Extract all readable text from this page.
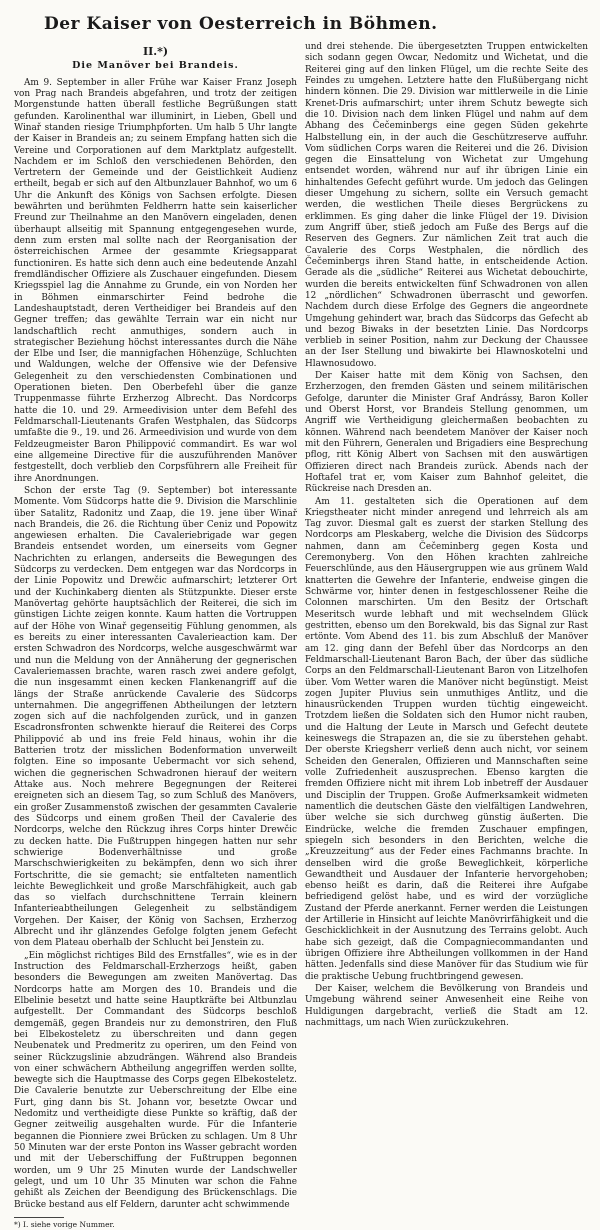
Der Kaiser von Oesterreich in Böhmen.
II.*)
Die Manöver bei Brandeis.

Am 9. September in aller Frühe war Kaiser Franz Joseph von Prag nach Brandeis abgefahren, und trotz der zeitigen Morgenstunde hatten überall festliche Begrüßungen statt gefunden. Karolinenthal war illuminirt, in Lieben, Gbell und Winař standen riesige Triumphpforten. Um halb 5 Uhr langte der Kaiser in Brandeis an; zu seinem Empfang hatten sich die Vereine und Corporationen auf dem Marktplatz aufgestellt. Nachdem er im Schloß den verschiedenen Behörden, den Vertretern der Gemeinde und der Geistlichkeit Audienz ertheilt, begab er sich auf den Altbunzlauer Bahnhof, wo um 6 Uhr die Ankunft des Königs von Sachsen erfolgte. Diesen bewährten und berühmten Feldherrn hatte sein kaiserlicher Freund zur Theilnahme an den Manövern eingeladen, denen überhaupt allseitig mit Spannung entgegengesehen wurde, denn zum ersten mal sollte nach der Reorganisation der österreichischen Armee der gesammte Kriegsapparat functioniren. Es hatte sich denn auch eine bedeutende Anzahl fremdländischer Offiziere als Zuschauer eingefunden. Diesem Kriegsspiel lag die Annahme zu Grunde, ein von Norden her in Böhmen einmarschirter Feind bedrohe die Landeshauptstadt, deren Vertheidiger bei Brandeis auf den Gegner treffen; das gewählte Terrain war ein nicht nur landschaftlich recht anmuthiges, sondern auch in strategischer Beziehung höchst interessantes durch die Nähe der Elbe und Iser, die mannigfachen Höhenzüge, Schluchten und Waldungen, welche der Offensive wie der Defensive Gelegenheit zu den verschiedensten Combinationen und Operationen bieten. Den Oberbefehl über die ganze Truppenmasse führte Erzherzog Albrecht. Das Nordcorps hatte die 10. und 29. Armeedivision unter dem Befehl des Feldmarschall-Lieutenants Grafen Westphalen, das Südcorps umfaßte die 9., 19. und 26. Armeedivision und wurde von dem Feldzeugmeister Baron Philippović commandirt. Es war wol eine allgemeine Directive für die auszuführenden Manöver festgestellt, doch verblieb den Corpsführern alle Freiheit für ihre Anordnungen.

Schon der erste Tag (9. September) bot interessante Momente. Vom Südcorps hatte die 9. Division die Marschlinie über Satalitz, Radonitz und Zaap, die 19. jene über Winař nach Brandeis, die 26. die Richtung über Ceniz und Popowitz angewiesen erhalten. Die Cavaleriebrigade war gegen Brandeis entsendet worden, um einerseits vom Gegner Nachrichten zu erlangen, anderseits die Bewegungen des Südcorps zu verdecken. Dem entgegen war das Nordcorps in der Linie Popowitz und Drewčic aufmarschirt; letzterer Ort und der Kuchinkaberg dienten als Stützpunkte. Dieser erste Manövertag gehörte hauptsächlich der Reiterei, die sich im günstigen Lichte zeigen konnte. Kaum hatten die Vortruppen auf der Höhe von Winař gegenseitig Fühlung genommen, als es bereits zu einer interessanten Cavalerieaction kam. Der ersten Schwadron des Nordcorps, welche ausgeschwärmt war und nun die Meldung von der Annäherung der gegnerischen Cavaleriemassen brachte, waren rasch zwei andere gefolgt, die nun insgesammt einen kecken Flankenangriff auf die längs der Straße anrückende Cavalerie des Südcorps unternahmen. Die angegriffenen Abtheilungen der letztern zogen sich auf die nachfolgenden zurück, und in ganzen Escadronsfronten schwenkte hierauf die Reiterei des Corps Philippović ab und ins freie Feld hinaus, wohin ihr die Batterien trotz der misslichen Bodenformation unverweilt folgten. Eine so imposante Uebermacht vor sich sehend, wichen die gegnerischen Schwadronen hierauf der weitern Attake aus. Noch mehrere Begegnungen der Reiterei ereigneten sich an diesem Tag, so zum Schluß des Manövers, ein großer Zusammenstoß zwischen der gesammten Cavalerie des Südcorps und einem großen Theil der Cavalerie des Nordcorps, welche den Rückzug ihres Corps hinter Drewčic zu decken hatte. Die Fußtruppen hingegen hatten nur sehr schwierige Bodenverhältnisse und große Marschschwierigkeiten zu bekämpfen, denn wo sich ihrer Fortschritte, die sie gemacht; sie entfalteten namentlich leichte Beweglichkeit und große Marschfähigkeit, auch gab das so vielfach durchschnittene Terrain kleinern Infanterieabtheilungen Gelegenheit zu selbständigem Vorgehen. Der Kaiser, der König von Sachsen, Erzherzog Albrecht und ihr glänzendes Gefolge folgten jenem Gefecht von dem Plateau oberhalb der Schlucht bei Jenstein zu.

„Ein möglichst richtiges Bild des Ernstfalles“, wie es in der Instruction des Feldmarschall-Erzherzogs heißt, gaben besonders die Bewegungen am zweiten Manövertag. Das Nordcorps hatte am Morgen des 10. Brandeis und die Elbelinie besetzt und hatte seine Hauptkräfte bei Altbunzlau aufgestellt. Der Commandant des Südcorps beschloß demgemäß, gegen Brandeis nur zu demonstriren, den Fluß bei Elbekosteletz zu überschreiten und dann gegen Neubenatek und Predmeritz zu operiren, um den Feind von seiner Rückzugslinie abzudrängen. Während also Brandeis von einer schwächern Abtheilung angegriffen werden sollte, bewegte sich die Hauptmasse des Corps gegen Elbekosteletz. Die Cavalerie benutzte zur Ueberschreitung der Elbe eine Furt, ging dann bis St. Johann vor, besetzte Owcar und Nedomitz und vertheidigte diese Punkte so kräftig, daß der Gegner zeitweilig ausgehalten wurde. Für die Infanterie begannen die Pionniere zwei Brücken zu schlagen. Um 8 Uhr 50 Minuten war der erste Ponton ins Wasser gebracht worden und mit der Ueberschiffung der Fußtruppen begonnen worden, um 9 Uhr 25 Minuten wurde der Landschweller gelegt, und um 10 Uhr 35 Minuten war schon die Fahne gehißt als Zeichen der Beendigung des Brückenschlags. Die Brücke bestand aus elf Feldern, darunter acht schwimmende

*) I. siehe vorige Nummer.

und drei stehende. Die übergesetzten Truppen entwickelten sich sodann gegen Owcar, Nedomitz und Wichetat, und die Reiterei ging auf den linken Flügel, um die rechte Seite des Feindes zu umgehen. Letztere hatte den Flußübergang nicht hindern können. Die 29. Division war mittlerweile in die Linie Krenet-Dris aufmarschirt; unter ihrem Schutz bewegte sich die 10. Division nach dem linken Flügel und nahm auf dem Abhang des Čečeminbergs eine gegen Süden gekehrte Halbstellung ein, in der auch die Geschützreserve auffuhr. Vom südlichen Corps waren die Reiterei und die 26. Division gegen die Einsattelung von Wichetat zur Umgehung entsendet worden, während nur auf ihr übrigen Linie ein hinhaltendes Gefecht geführt wurde. Um jedoch das Gelingen dieser Umgehung zu sichern, sollte ein Versuch gemacht werden, die westlichen Theile dieses Bergrückens zu erklimmen. Es ging daher die linke Flügel der 19. Division zum Angriff über, stieß jedoch am Fuße des Bergs auf die Reserven des Gegners. Zur nämlichen Zeit trat auch die Cavalerie des Corps Westphalen, die nördlich des Čečeminbergs ihren Stand hatte, in entscheidende Action. Gerade als die „südliche“ Reiterei aus Wichetat debouchirte, wurden die bereits entwickelten fünf Schwadronen von allen 12 „nördlichen“ Schwadronen überrascht und geworfen. Nachdem durch diese Erfolge des Gegners die angeordnete Umgehung gehindert war, brach das Südcorps das Gefecht ab und bezog Biwaks in der besetzten Linie. Das Nordcorps verblieb in seiner Position, nahm zur Deckung der Chaussee an der Iser Stellung und biwakirte bei Hlawnoskotelni und Hlawnosudowo.

Der Kaiser hatte mit dem König von Sachsen, den Erzherzogen, den fremden Gästen und seinem militärischen Gefolge, darunter die Minister Graf Andrássy, Baron Koller und Oberst Horst, vor Brandeis Stellung genommen, um Angriff wie Vertheidigung gleichermaßen beobachten zu können. Während nach beendetem Manöver der Kaiser noch mit den Führern, Generalen und Brigadiers eine Besprechung pflog, ritt König Albert von Sachsen mit den auswärtigen Offizieren direct nach Brandeis zurück. Abends nach der Hoftafel trat er, vom Kaiser zum Bahnhof geleitet, die Rückreise nach Dresden an.

Am 11. gestalteten sich die Operationen auf dem Kriegstheater nicht minder anregend und lehrreich als am Tag zuvor. Diesmal galt es zuerst der starken Stellung des Nordcorps am Pleskaberg, welche die Division des Südcorps nahmen, dann am Čečeminberg gegen Kosta und Ceremonyberg. Von den Höhen krachten zahlreiche Feuerschlünde, aus den Häusergruppen wie aus grünem Wald knatterten die Gewehre der Infanterie, endweise gingen die Schwärme vor, hinter denen in festgeschlossener Reihe die Colonnen marschirten. Um den Besitz der Ortschaft Meseritsch wurde lebhaft und mit wechselndem Glück gestritten, ebenso um den Borekwald, bis das Signal zur Rast ertönte. Vom Abend des 11. bis zum Abschluß der Manöver am 12. ging dann der Befehl über das Nordcorps an den Feldmarschall-Lieutenant Baron Bach, der über das südliche Corps an den Feldmarschall-Lieutenant Baron von Litzelhofen über. Vom Wetter waren die Manöver nicht begünstigt. Meist zogen Jupiter Pluvius sein unmuthiges Antlitz, und die hinausrückenden Truppen wurden tüchtig eingeweicht. Trotzdem ließen die Soldaten sich den Humor nicht rauben, und die Haltung der Leute in Marsch und Gefecht deutete keineswegs die Strapazen an, die sie zu überstehen gehabt. Der oberste Kriegsherr verließ denn auch nicht, vor seinem Scheiden den Generalen, Offizieren und Mannschaften seine volle Zufriedenheit auszusprechen. Ebenso kargten die fremden Offiziere nicht mit ihrem Lob inbetreff der Ausdauer und Disciplin der Truppen. Große Aufmerksamkeit widmeten namentlich die deutschen Gäste den vielfältigen Landwehren, über welche sie sich durchweg günstig äußerten. Die Eindrücke, welche die fremden Zuschauer empfingen, spiegeln sich besonders in den Berichten, welche die „Kreuzzeitung“ aus der Feder eines Fachmanns brachte. In denselben wird die große Beweglichkeit, körperliche Gewandtheit und Ausdauer der Infanterie hervorgehoben; ebenso heißt es darin, daß die Reiterei ihre Aufgabe befriedigend gelöst habe, und es wird der vorzügliche Zustand der Pferde anerkannt. Ferner werden die Leistungen der Artillerie in Hinsicht auf leichte Manövrirfähigkeit und die Geschicklichkeit in der Ausnutzung des Terrains gelobt. Auch habe sich gezeigt, daß die Compagniecommandanten und übrigen Offiziere ihre Abtheilungen vollkommen in der Hand hätten. Jedenfalls sind diese Manöver für das Studium wie für die praktische Uebung fruchtbringend gewesen.

Der Kaiser, welchem die Bevölkerung von Brandeis und Umgebung während seiner Anwesenheit eine Reihe von Huldigungen dargebracht, verließ die Stadt am 12. nachmittags, um nach Wien zurückzukehren.
